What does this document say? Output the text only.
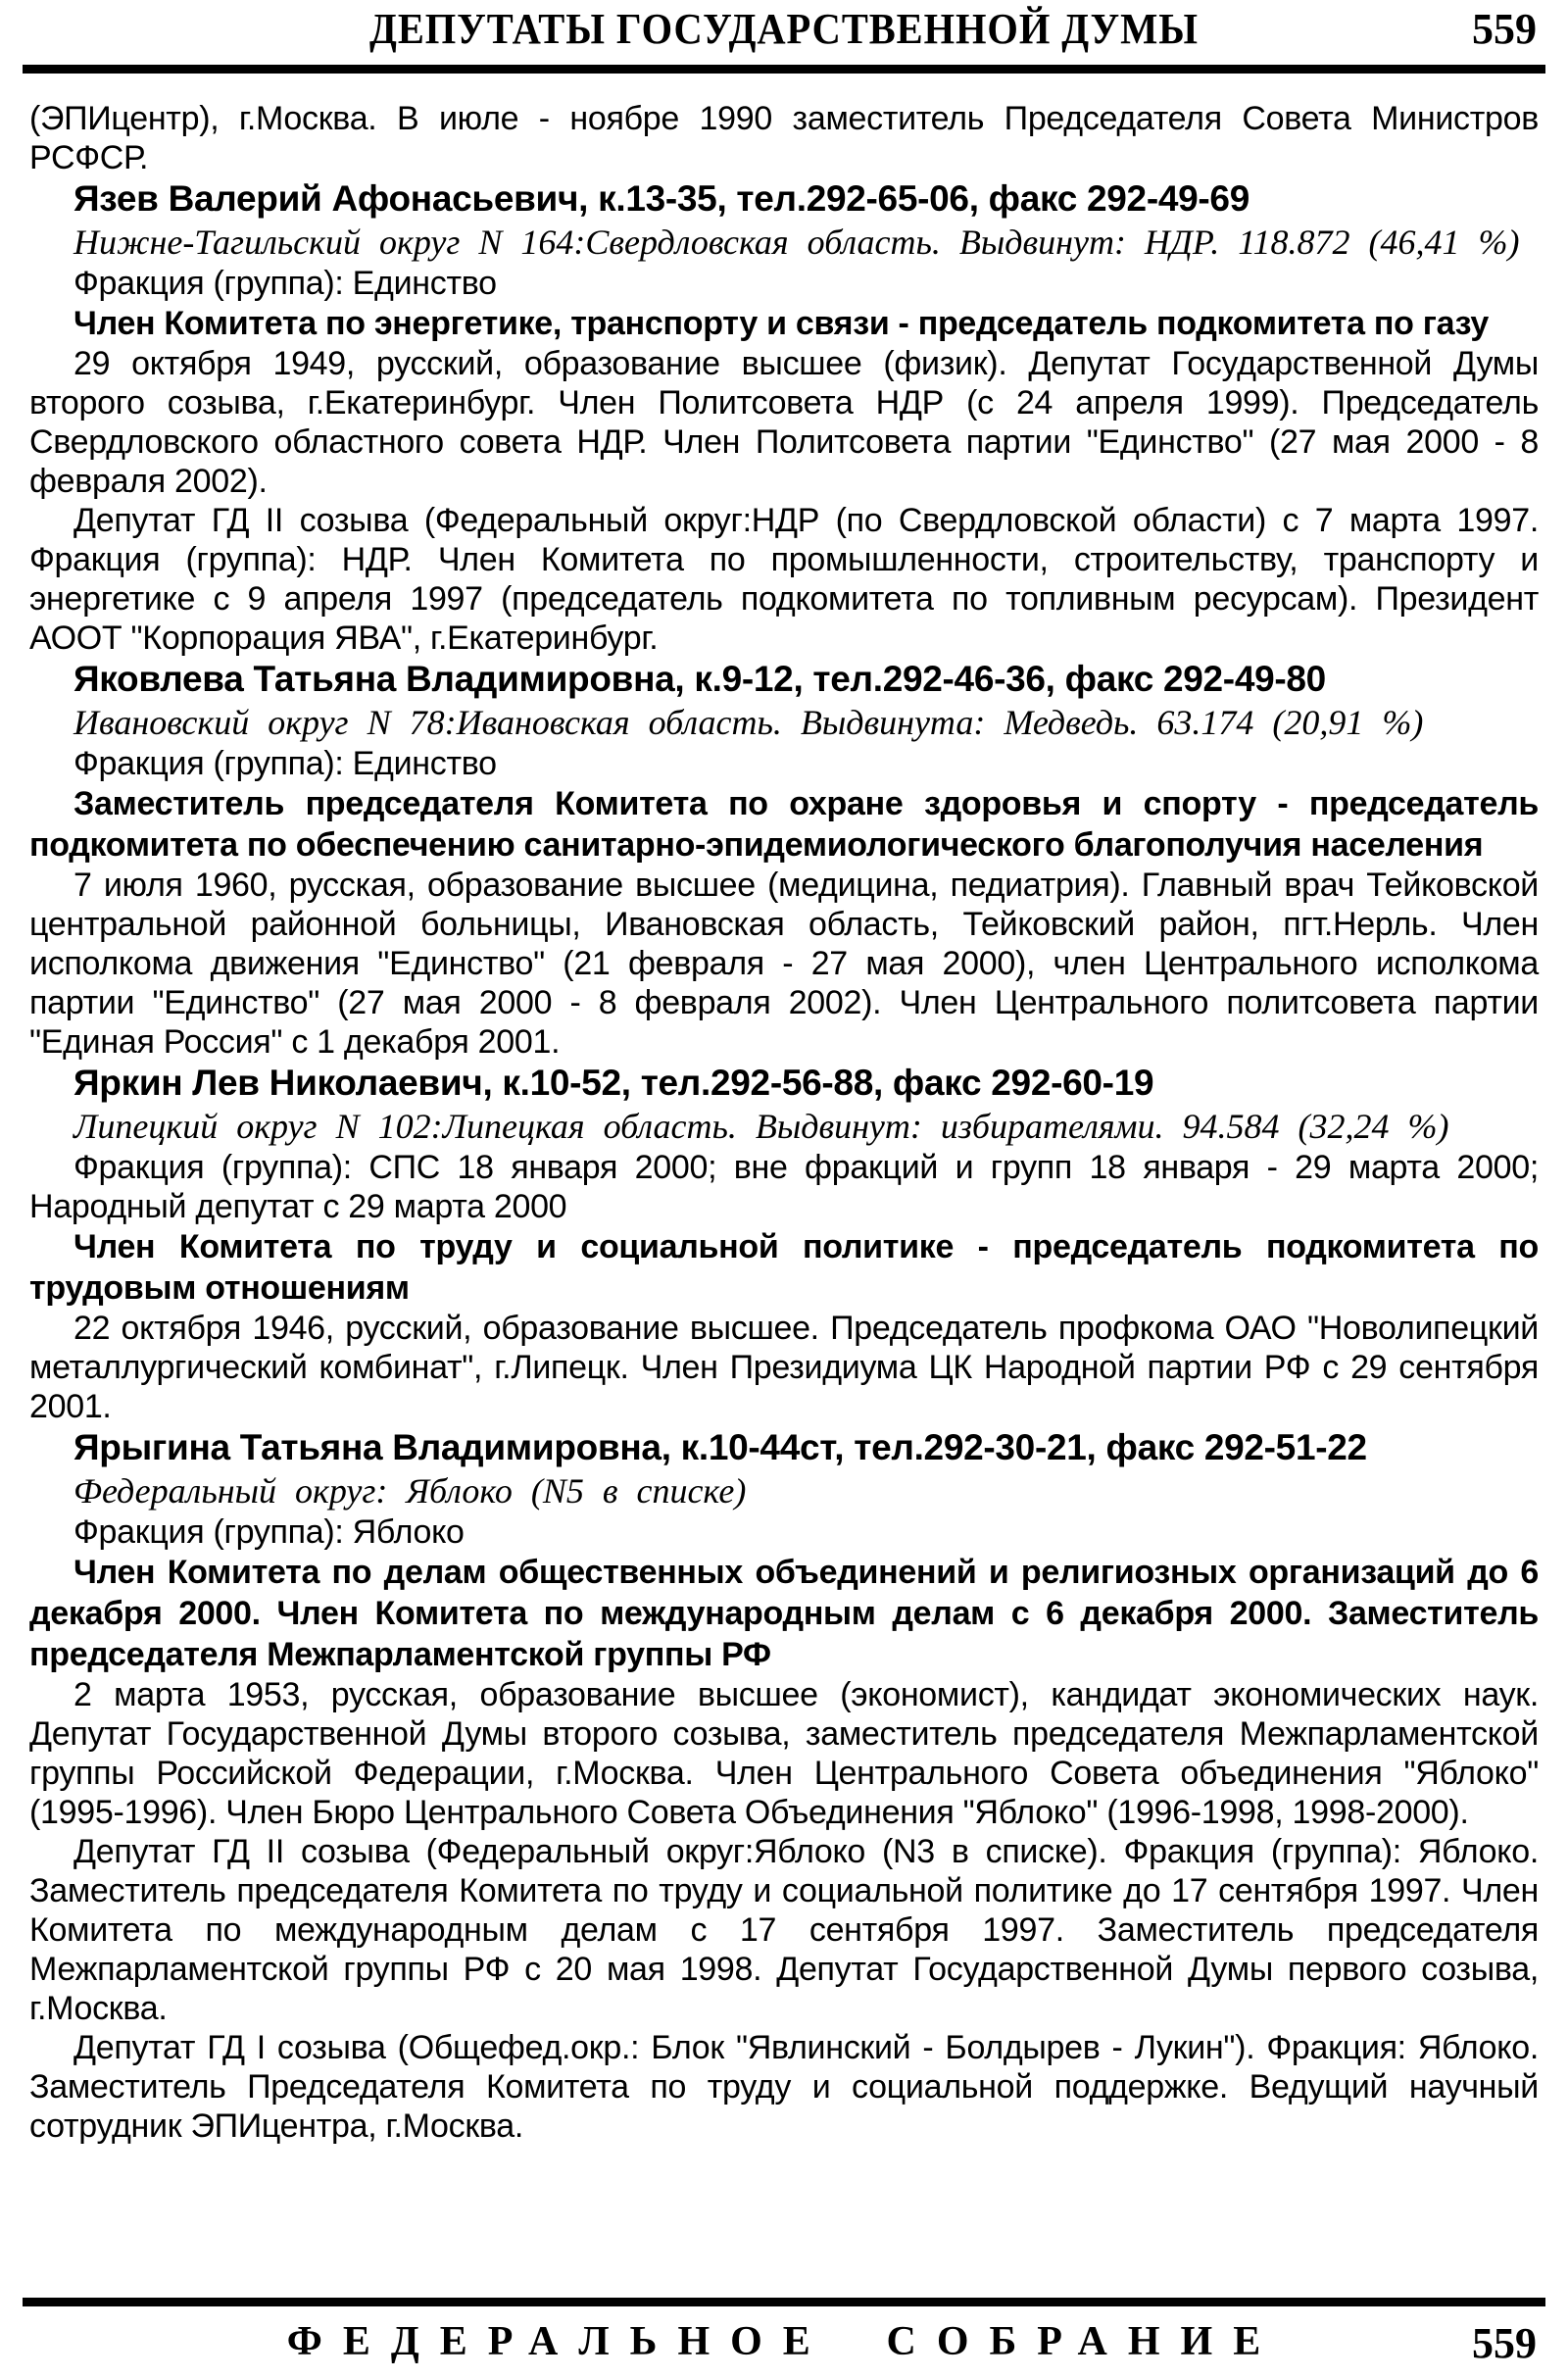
ДЕПУТАТЫ ГОСУДАРСТВЕННОЙ ДУМЫ	559

(ЭПИцентр), г.Москва. В июле - ноябре 1990 заместитель Председателя Совета Министров РСФСР.

Язев Валерий Афонасьевич, к.13-35, тел.292-65-06, факс 292-49-69

Нижне-Тагильский округ N 164:Свердловская область. Выдвинут: НДР. 118.872 (46,41 %)

Фракция (группа): Единство

Член Комитета по энергетике, транспорту и связи - председатель подкомитета по газу

29 октября 1949, русский, образование высшее (физик). Депутат Государственной Думы второго созыва, г.Екатеринбург. Член Политсовета НДР (с 24 апреля 1999). Председатель Свердловского областного совета НДР. Член Политсовета партии "Единство" (27 мая 2000 - 8 февраля 2002).

Депутат ГД II созыва (Федеральный округ:НДР (по Свердловской области) с 7 марта 1997. Фракция (группа): НДР. Член Комитета по промышленности, строительству, транспорту и энергетике с 9 апреля 1997 (председатель подкомитета по топливным ресурсам). Президент АООТ "Корпорация ЯВА", г.Екатеринбург.

Яковлева Татьяна Владимировна, к.9-12, тел.292-46-36, факс 292-49-80

Ивановский округ N 78:Ивановская область. Выдвинута: Медведь. 63.174 (20,91 %)

Фракция (группа): Единство

Заместитель председателя Комитета по охране здоровья и спорту - председатель подкомитета по обеспечению санитарно-эпидемиологического благополучия населения

7 июля 1960, русская, образование высшее (медицина, педиатрия). Главный врач Тейковской центральной районной больницы, Ивановская область, Тейковский район, пгт.Нерль. Член исполкома движения "Единство" (21 февраля - 27 мая 2000), член Центрального исполкома партии "Единство" (27 мая 2000 - 8 февраля 2002). Член Центрального политсовета партии "Единая Россия" с 1 декабря 2001.

Яркин Лев Николаевич, к.10-52, тел.292-56-88, факс 292-60-19

Липецкий округ N 102:Липецкая область. Выдвинут: избирателями. 94.584 (32,24 %)

Фракция (группа): СПС 18 января 2000; вне фракций и групп 18 января - 29 марта 2000; Народный депутат с 29 марта 2000

Член Комитета по труду и социальной политике - председатель подкомитета по трудовым отношениям

22 октября 1946, русский, образование высшее. Председатель профкома ОАО "Новолипецкий металлургический комбинат", г.Липецк. Член Президиума ЦК Народной партии РФ с 29 сентября 2001.

Ярыгина Татьяна Владимировна, к.10-44ст, тел.292-30-21, факс 292-51-22

Федеральный округ: Яблоко (N5 в списке)

Фракция (группа): Яблоко

Член Комитета по делам общественных объединений и религиозных организаций до 6 декабря 2000. Член Комитета по международным делам с 6 декабря 2000. Заместитель председателя Межпарламентской группы РФ

2 марта 1953, русская, образование высшее (экономист), кандидат экономических наук. Депутат Государственной Думы второго созыва, заместитель председателя Межпарламентской группы Российской Федерации, г.Москва. Член Центрального Совета объединения "Яблоко" (1995-1996). Член Бюро Центрального Совета Объединения "Яблоко" (1996-1998, 1998-2000).

Депутат ГД II созыва (Федеральный округ:Яблоко (N3 в списке). Фракция (группа): Яблоко. Заместитель председателя Комитета по труду и социальной политике до 17 сентября 1997. Член Комитета по международным делам с 17 сентября 1997. Заместитель председателя Межпарламентской группы РФ с 20 мая 1998. Депутат Государственной Думы первого созыва, г.Москва.

Депутат ГД I созыва (Общефед.окр.: Блок "Явлинский - Болдырев - Лукин"). Фракция: Яблоко. Заместитель Председателя Комитета по труду и социальной поддержке. Ведущий научный сотрудник ЭПИцентра, г.Москва.

ФЕДЕРАЛЬНОЕ СОБРАНИЕ	559
